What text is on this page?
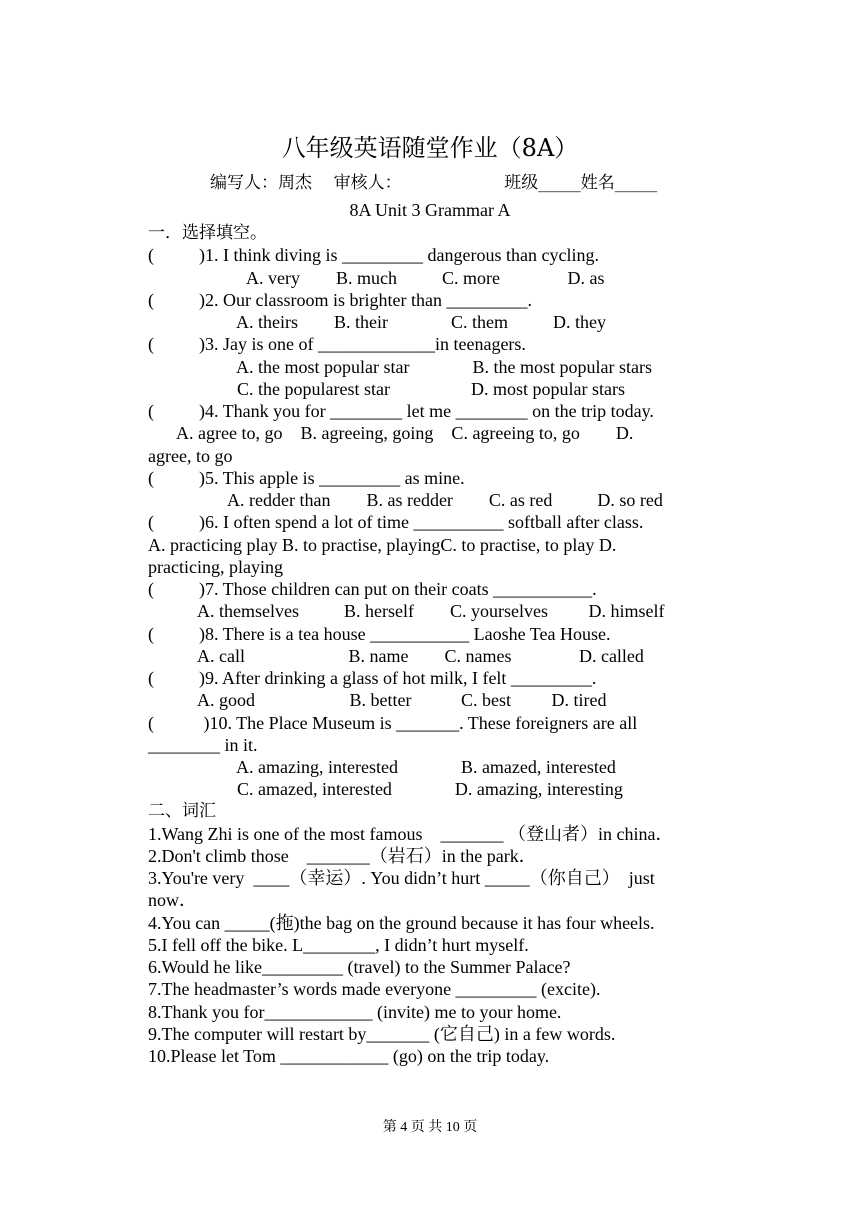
八年级英语随堂作业（8A）
编写人：周杰    审核人：                   班级_____姓名_____
8A Unit 3 Grammar A
一．选择填空。
(          )1. I think diving is _________ dangerous than cycling.
A. very        B. much          C. more               D. as
(          )2. Our classroom is brighter than _________.
A. theirs        B. their              C. them          D. they
(          )3. Jay is one of _____________in teenagers.
A. the most popular star              B. the most popular stars
C. the popularest star                  D. most popular stars
(          )4. Thank you for ________ let me ________ on the trip today.
A. agree to, go    B. agreeing, going    C. agreeing to, go        D.
agree, to go
(          )5. This apple is _________ as mine.
A. redder than        B. as redder        C. as red          D. so red
(          )6. I often spend a lot of time __________ softball after class.
A. practicing play B. to practise, playingC. to practise, to play D.
practicing, playing
(          )7. Those children can put on their coats ___________.
A. themselves          B. herself        C. yourselves         D. himself
(          )8. There is a tea house ___________ Laoshe Tea House.
A. call                       B. name        C. names               D. called
(          )9. After drinking a glass of hot milk, I felt _________.
A. good                     B. better           C. best         D. tired
(           )10. The Place Museum is _______. These foreigners are all
________ in it.
A. amazing, interested              B. amazed, interested
C. amazed, interested              D. amazing, interesting
二、词汇
1.Wang Zhi is one of the most famous    _______ （登山者）in china．
2.Don't climb those    _______（岩石）in the park．
3.You're very  ____（幸运）. You didn’t hurt _____（你自己）  just
now．
4.You can _____(拖)the bag on the ground because it has four wheels.
5.I fell off the bike. L________, I didn’t hurt myself.
6.Would he like_________ (travel) to the Summer Palace?
7.The headmaster’s words made everyone _________ (excite).
8.Thank you for____________ (invite) me to your home.
9.The computer will restart by_______ (它自己) in a few words.
10.Please let Tom ____________ (go) on the trip today.
第 4 页 共 10 页
